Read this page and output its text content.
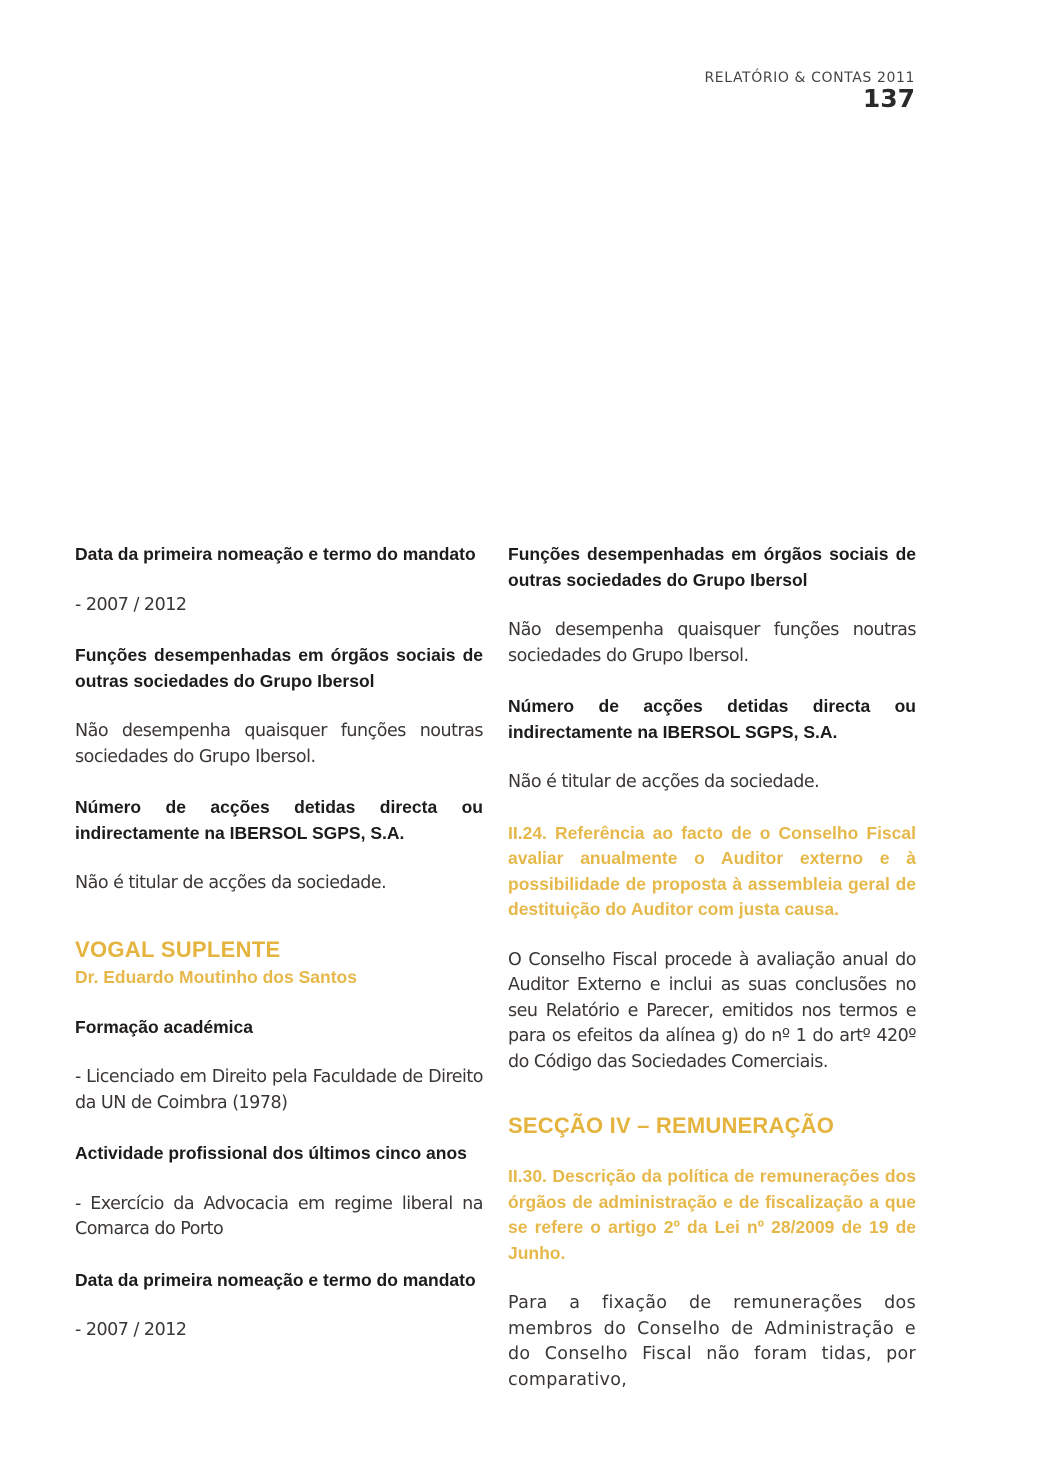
RELATÓRIO & CONTAS 2011
137
Data da primeira nomeação e termo do mandato
- 2007 / 2012
Funções desempenhadas em órgãos sociais de outras sociedades do Grupo Ibersol
Não desempenha quaisquer funções noutras sociedades do Grupo Ibersol.
Número de acções detidas directa ou indirectamente na IBERSOL SGPS, S.A.
Não é titular de acções da sociedade.
VOGAL SUPLENTE
Dr. Eduardo Moutinho dos Santos
Formação académica
- Licenciado em Direito pela Faculdade de Direito da UN de Coimbra (1978)
Actividade profissional dos últimos cinco anos
- Exercício da Advocacia em regime liberal na Comarca do Porto
Data da primeira nomeação e termo do mandato
- 2007 / 2012
Funções desempenhadas em órgãos sociais de outras sociedades do Grupo Ibersol
Não desempenha quaisquer funções noutras sociedades do Grupo Ibersol.
Número de acções detidas directa ou indirectamente na IBERSOL SGPS, S.A.
Não é titular de acções da sociedade.
II.24. Referência ao facto de o Conselho Fiscal avaliar anualmente o Auditor externo e à possibilidade de proposta à assembleia geral de destituição do Auditor com justa causa.
O Conselho Fiscal procede à avaliação anual do Auditor Externo e inclui as suas conclusões no seu Relatório e Parecer, emitidos nos termos e para os efeitos da alínea g) do nº 1 do artº 420º do Código das Sociedades Comerciais.
SECÇÃO IV – REMUNERAÇÃO
II.30. Descrição da política de remunerações dos órgãos de administração e de fiscalização a que se refere o artigo 2º da Lei nº 28/2009 de 19 de Junho.
Para a fixação de remunerações dos membros do Conselho de Administração e do Conselho Fiscal não foram tidas, por comparativo,
